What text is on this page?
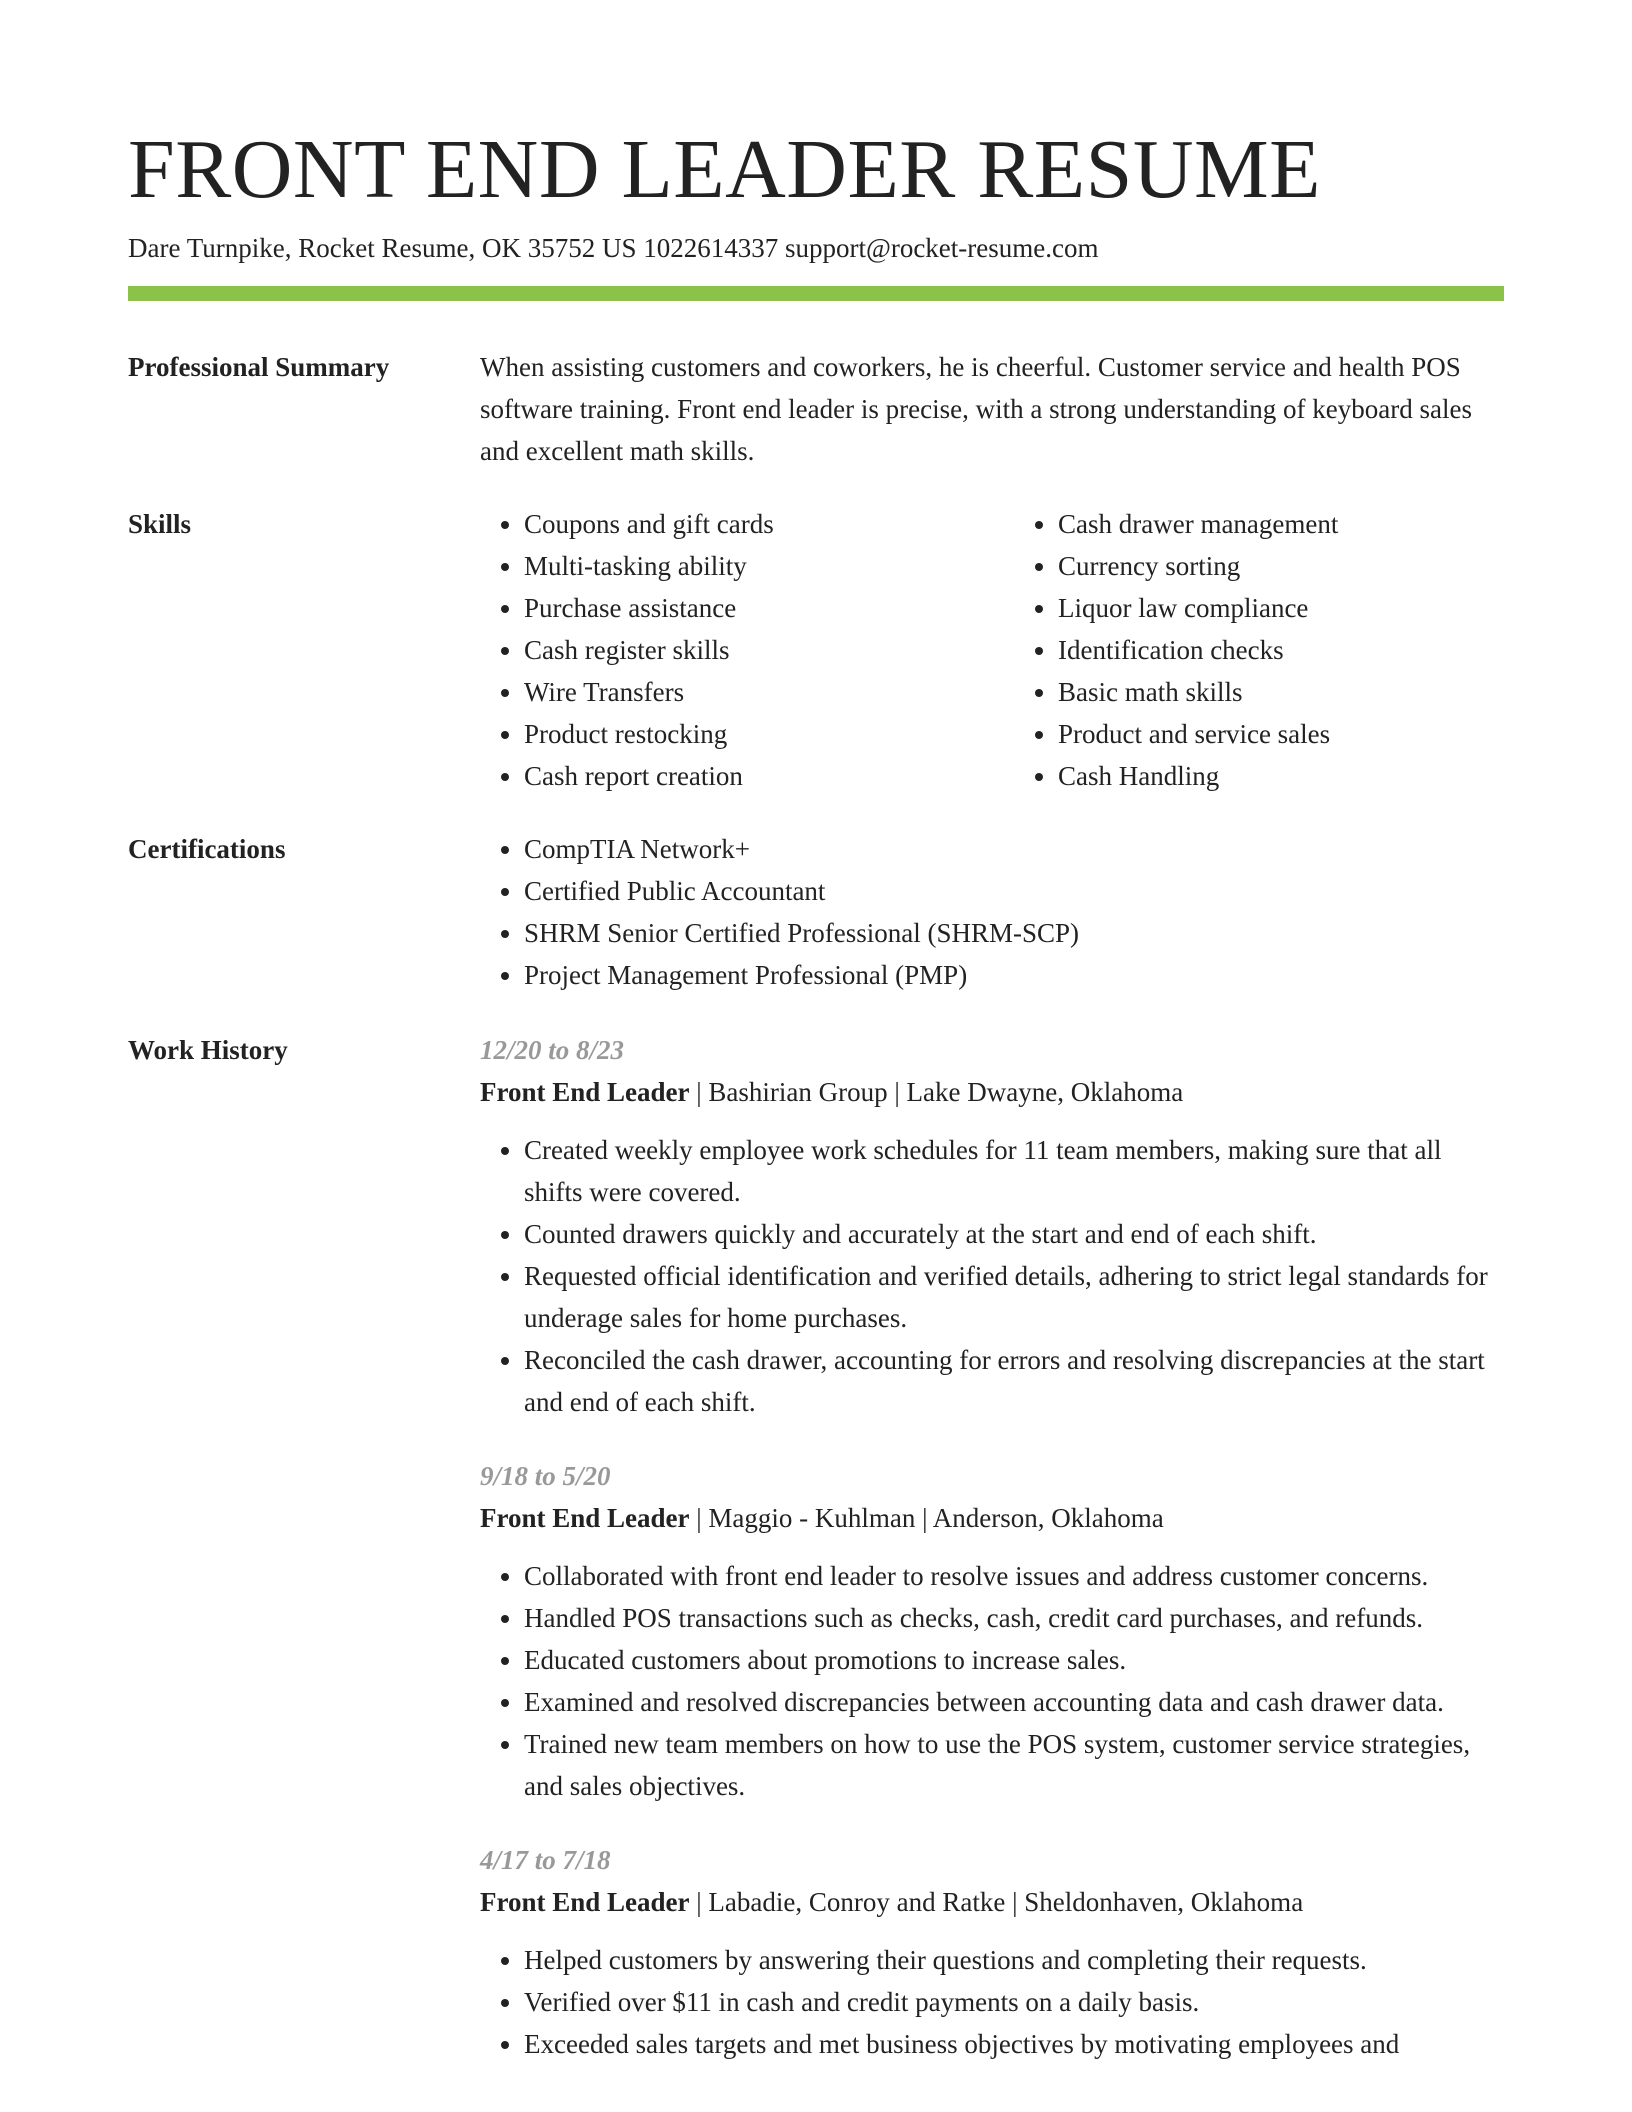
FRONT END LEADER RESUME
Dare Turnpike, Rocket Resume, OK 35752 US 1022614337 support@rocket-resume.com
Professional Summary	When assisting customers and coworkers, he is cheerful. Customer service and health POS software training. Front end leader is precise, with a strong understanding of keyboard sales and excellent math skills.

Skills	• Coupons and gift cards
• Multi-tasking ability
• Purchase assistance
• Cash register skills
• Wire Transfers
• Product restocking
• Cash report creation
• Cash drawer management
• Currency sorting
• Liquor law compliance
• Identification checks
• Basic math skills
• Product and service sales
• Cash Handling
Certifications	• CompTIA Network+
• Certified Public Accountant
• SHRM Senior Certified Professional (SHRM-SCP)
• Project Management Professional (PMP)
Work History	12/20 to 8/23
Front End Leader | Bashirian Group | Lake Dwayne, Oklahoma
• Created weekly employee work schedules for 11 team members, making sure that all shifts were covered.
• Counted drawers quickly and accurately at the start and end of each shift.
• Requested official identification and verified details, adhering to strict legal standards for underage sales for home purchases.
• Reconciled the cash drawer, accounting for errors and resolving discrepancies at the start and end of each shift.
9/18 to 5/20
Front End Leader | Maggio - Kuhlman | Anderson, Oklahoma
• Collaborated with front end leader to resolve issues and address customer concerns.
• Handled POS transactions such as checks, cash, credit card purchases, and refunds.
• Educated customers about promotions to increase sales.
• Examined and resolved discrepancies between accounting data and cash drawer data.
• Trained new team members on how to use the POS system, customer service strategies, and sales objectives.
4/17 to 7/18
Front End Leader | Labadie, Conroy and Ratke | Sheldonhaven, Oklahoma
• Helped customers by answering their questions and completing their requests.
• Verified over $11 in cash and credit payments on a daily basis.
• Exceeded sales targets and met business objectives by motivating employees and
